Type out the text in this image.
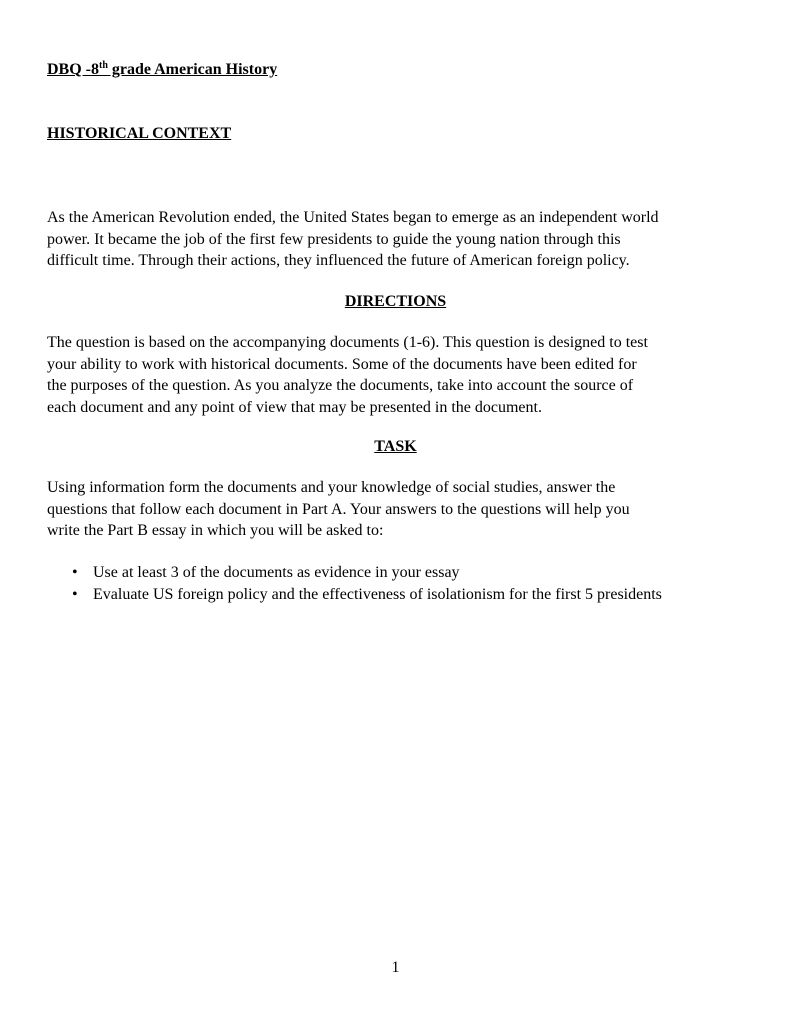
DBQ -8th grade American History
HISTORICAL CONTEXT

As the American Revolution ended, the United States began to emerge as an independent world
power. It became the job of the first few presidents to guide the young nation through this
difficult time. Through their actions, they influenced the future of American foreign policy.

DIRECTIONS

The question is based on the accompanying documents (1-6). This question is designed to test
your ability to work with historical documents. Some of the documents have been edited for
the purposes of the question. As you analyze the documents, take into account the source of
each document and any point of view that may be presented in the document.

TASK

Using information form the documents and your knowledge of social studies, answer the
questions that follow each document in Part A. Your answers to the questions will help you
write the Part B essay in which you will be asked to:

• Use at least 3 of the documents as evidence in your essay
• Evaluate US foreign policy and the effectiveness of isolationism for the first 5 presidents
1
